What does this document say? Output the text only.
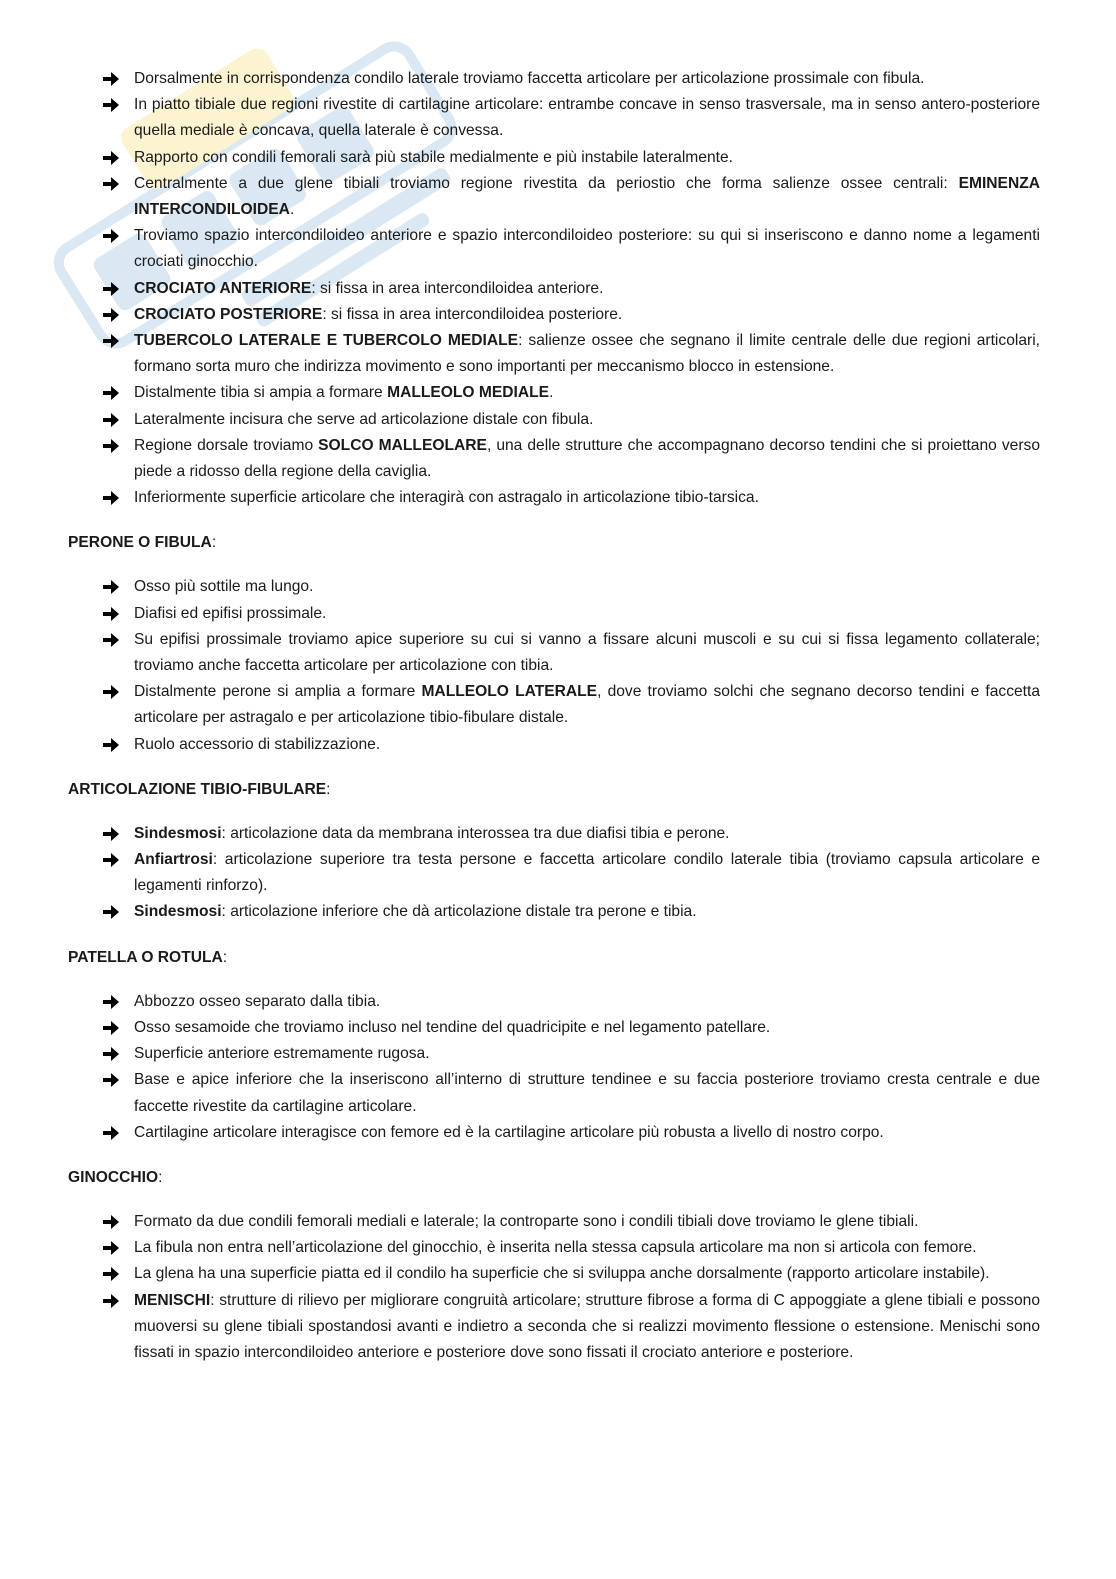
Dorsalmente in corrispondenza condilo laterale troviamo faccetta articolare per articolazione prossimale con fibula.
In piatto tibiale due regioni rivestite di cartilagine articolare: entrambe concave in senso trasversale, ma in senso antero-posteriore quella mediale è concava, quella laterale è convessa.
Rapporto con condili femorali sarà più stabile medialmente e più instabile lateralmente.
Centralmente a due glene tibiali troviamo regione rivestita da periostio che forma salienze ossee centrali: EMINENZA INTERCONDILOIDEA.
Troviamo spazio intercondiloideo anteriore e spazio intercondiloideo posteriore: su qui si inseriscono e danno nome a legamenti crociati ginocchio.
CROCIATO ANTERIORE: si fissa in area intercondiloidea anteriore.
CROCIATO POSTERIORE: si fissa in area intercondiloidea posteriore.
TUBERCOLO LATERALE E TUBERCOLO MEDIALE: salienze ossee che segnano il limite centrale delle due regioni articolari, formano sorta muro che indirizza movimento e sono importanti per meccanismo blocco in estensione.
Distalmente tibia si ampia a formare MALLEOLO MEDIALE.
Lateralmente incisura che serve ad articolazione distale con fibula.
Regione dorsale troviamo SOLCO MALLEOLARE, una delle strutture che accompagnano decorso tendini che si proiettano verso piede a ridosso della regione della caviglia.
Inferiormente superficie articolare che interagirà con astragalo in articolazione tibio-tarsica.
PERONE O FIBULA:
Osso più sottile ma lungo.
Diafisi ed epifisi prossimale.
Su epifisi prossimale troviamo apice superiore su cui si vanno a fissare alcuni muscoli e su cui si fissa legamento collaterale; troviamo anche faccetta articolare per articolazione con tibia.
Distalmente perone si amplia a formare MALLEOLO LATERALE, dove troviamo solchi che segnano decorso tendini e faccetta articolare per astragalo e per articolazione tibio-fibulare distale.
Ruolo accessorio di stabilizzazione.
ARTICOLAZIONE TIBIO-FIBULARE:
Sindesmosi: articolazione data da membrana interossea tra due diafisi tibia e perone.
Anfiartrosi: articolazione superiore tra testa persone e faccetta articolare condilo laterale tibia (troviamo capsula articolare e legamenti rinforzo).
Sindesmosi: articolazione inferiore che dà articolazione distale tra perone e tibia.
PATELLA O ROTULA:
Abbozzo osseo separato dalla tibia.
Osso sesamoide che troviamo incluso nel tendine del quadricipite e nel legamento patellare.
Superficie anteriore estremamente rugosa.
Base e apice inferiore che la inseriscono all’interno di strutture tendinee e su faccia posteriore troviamo cresta centrale e due faccette rivestite da cartilagine articolare.
Cartilagine articolare interagisce con femore ed è la cartilagine articolare più robusta a livello di nostro corpo.
GINOCCHIO:
Formato da due condili femorali mediali e laterale; la controparte sono i condili tibiali dove troviamo le glene tibiali.
La fibula non entra nell’articolazione del ginocchio, è inserita nella stessa capsula articolare ma non si articola con femore.
La glena ha una superficie piatta ed il condilo ha superficie che si sviluppa anche dorsalmente (rapporto articolare instabile).
MENISCHI: strutture di rilievo per migliorare congruità articolare; strutture fibrose a forma di C appoggiate a glene tibiali e possono muoversi su glene tibiali spostandosi avanti e indietro a seconda che si realizzi movimento flessione o estensione. Menischi sono fissati in spazio intercondiloideo anteriore e posteriore dove sono fissati il crociato anteriore e posteriore.
